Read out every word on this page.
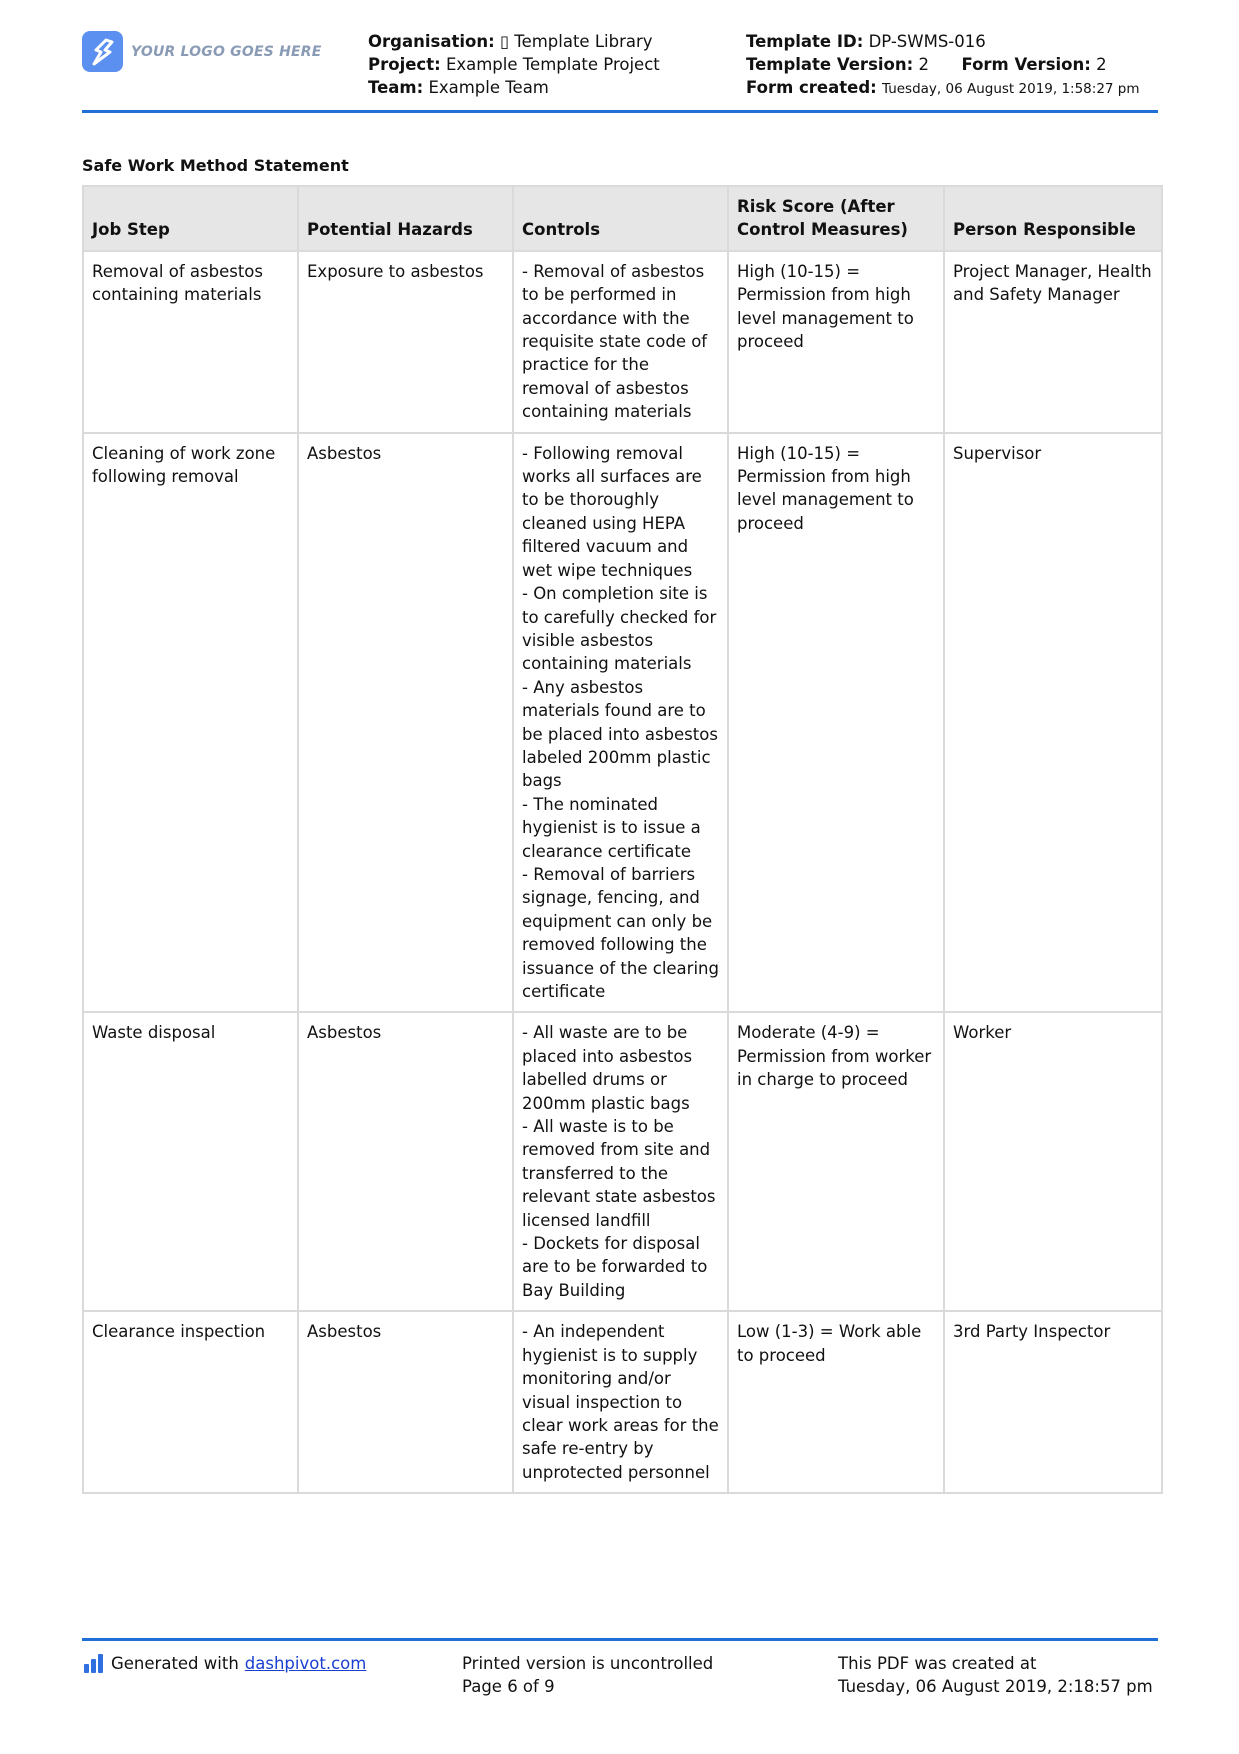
YOUR LOGO GOES HERE
Organisation: ▯ Template Library
Project: Example Template Project
Team: Example Team
Template ID: DP-SWMS-016
Template Version: 2 Form Version: 2
Form created: Tuesday, 06 August 2019, 1:58:27 pm
Safe Work Method Statement
Job Step	Potential Hazards	Controls	Risk Score (After Control Measures)	Person Responsible
Removal of asbestos containing materials	Exposure to asbestos	- Removal of asbestos to be performed in accordance with the requisite state code of practice for the removal of asbestos containing materials	High (10-15) = Permission from high level management to proceed	Project Manager, Health and Safety Manager
Cleaning of work zone following removal	Asbestos	- Following removal works all surfaces are to be thoroughly cleaned using HEPA filtered vacuum and wet wipe techniques
- On completion site is to carefully checked for visible asbestos containing materials
- Any asbestos materials found are to be placed into asbestos labeled 200mm plastic bags
- The nominated hygienist is to issue a clearance certificate
- Removal of barriers signage, fencing, and equipment can only be removed following the issuance of the clearing certificate	High (10-15) = Permission from high level management to proceed	Supervisor
Waste disposal	Asbestos	- All waste are to be placed into asbestos labelled drums or 200mm plastic bags
- All waste is to be removed from site and transferred to the relevant state asbestos licensed landfill
- Dockets for disposal are to be forwarded to Bay Building	Moderate (4-9) = Permission from worker in charge to proceed	Worker
Clearance inspection	Asbestos	- An independent hygienist is to supply monitoring and/or visual inspection to clear work areas for the safe re-entry by unprotected personnel	Low (1-3) = Work able to proceed	3rd Party Inspector
Generated with dashpivot.com	Printed version is uncontrolled
Page 6 of 9
This PDF was created at
Tuesday, 06 August 2019, 2:18:57 pm
